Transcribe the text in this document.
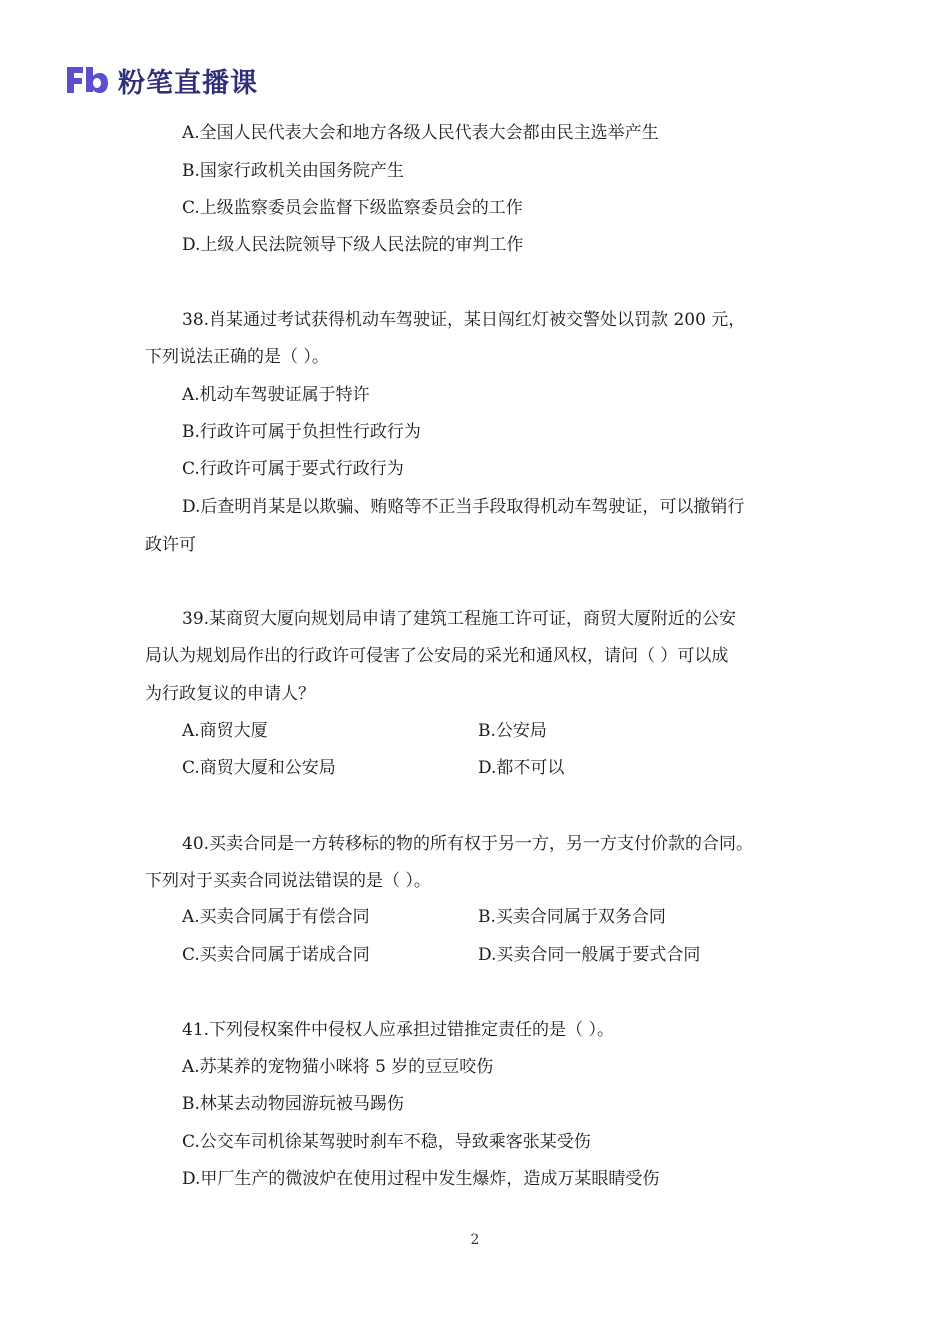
粉笔直播课
A.全国人民代表大会和地方各级人民代表大会都由民主选举产生
B.国家行政机关由国务院产生
C.上级监察委员会监督下级监察委员会的工作
D.上级人民法院领导下级人民法院的审判工作
38.肖某通过考试获得机动车驾驶证，某日闯红灯被交警处以罚款 200 元，
下列说法正确的是（ ）。
A.机动车驾驶证属于特许
B.行政许可属于负担性行政行为
C.行政许可属于要式行政行为
D.后查明肖某是以欺骗、贿赂等不正当手段取得机动车驾驶证，可以撤销行
政许可
39.某商贸大厦向规划局申请了建筑工程施工许可证，商贸大厦附近的公安
局认为规划局作出的行政许可侵害了公安局的采光和通风权，请问（ ）可以成
为行政复议的申请人？
A.商贸大厦	B.公安局
C.商贸大厦和公安局	D.都不可以
40.买卖合同是一方转移标的物的所有权于另一方，另一方支付价款的合同。
下列对于买卖合同说法错误的是（ ）。
A.买卖合同属于有偿合同	B.买卖合同属于双务合同
C.买卖合同属于诺成合同	D.买卖合同一般属于要式合同
41.下列侵权案件中侵权人应承担过错推定责任的是（ ）。
A.苏某养的宠物猫小咪将 5 岁的豆豆咬伤
B.林某去动物园游玩被马踢伤
C.公交车司机徐某驾驶时刹车不稳，导致乘客张某受伤
D.甲厂生产的微波炉在使用过程中发生爆炸，造成万某眼睛受伤
2
